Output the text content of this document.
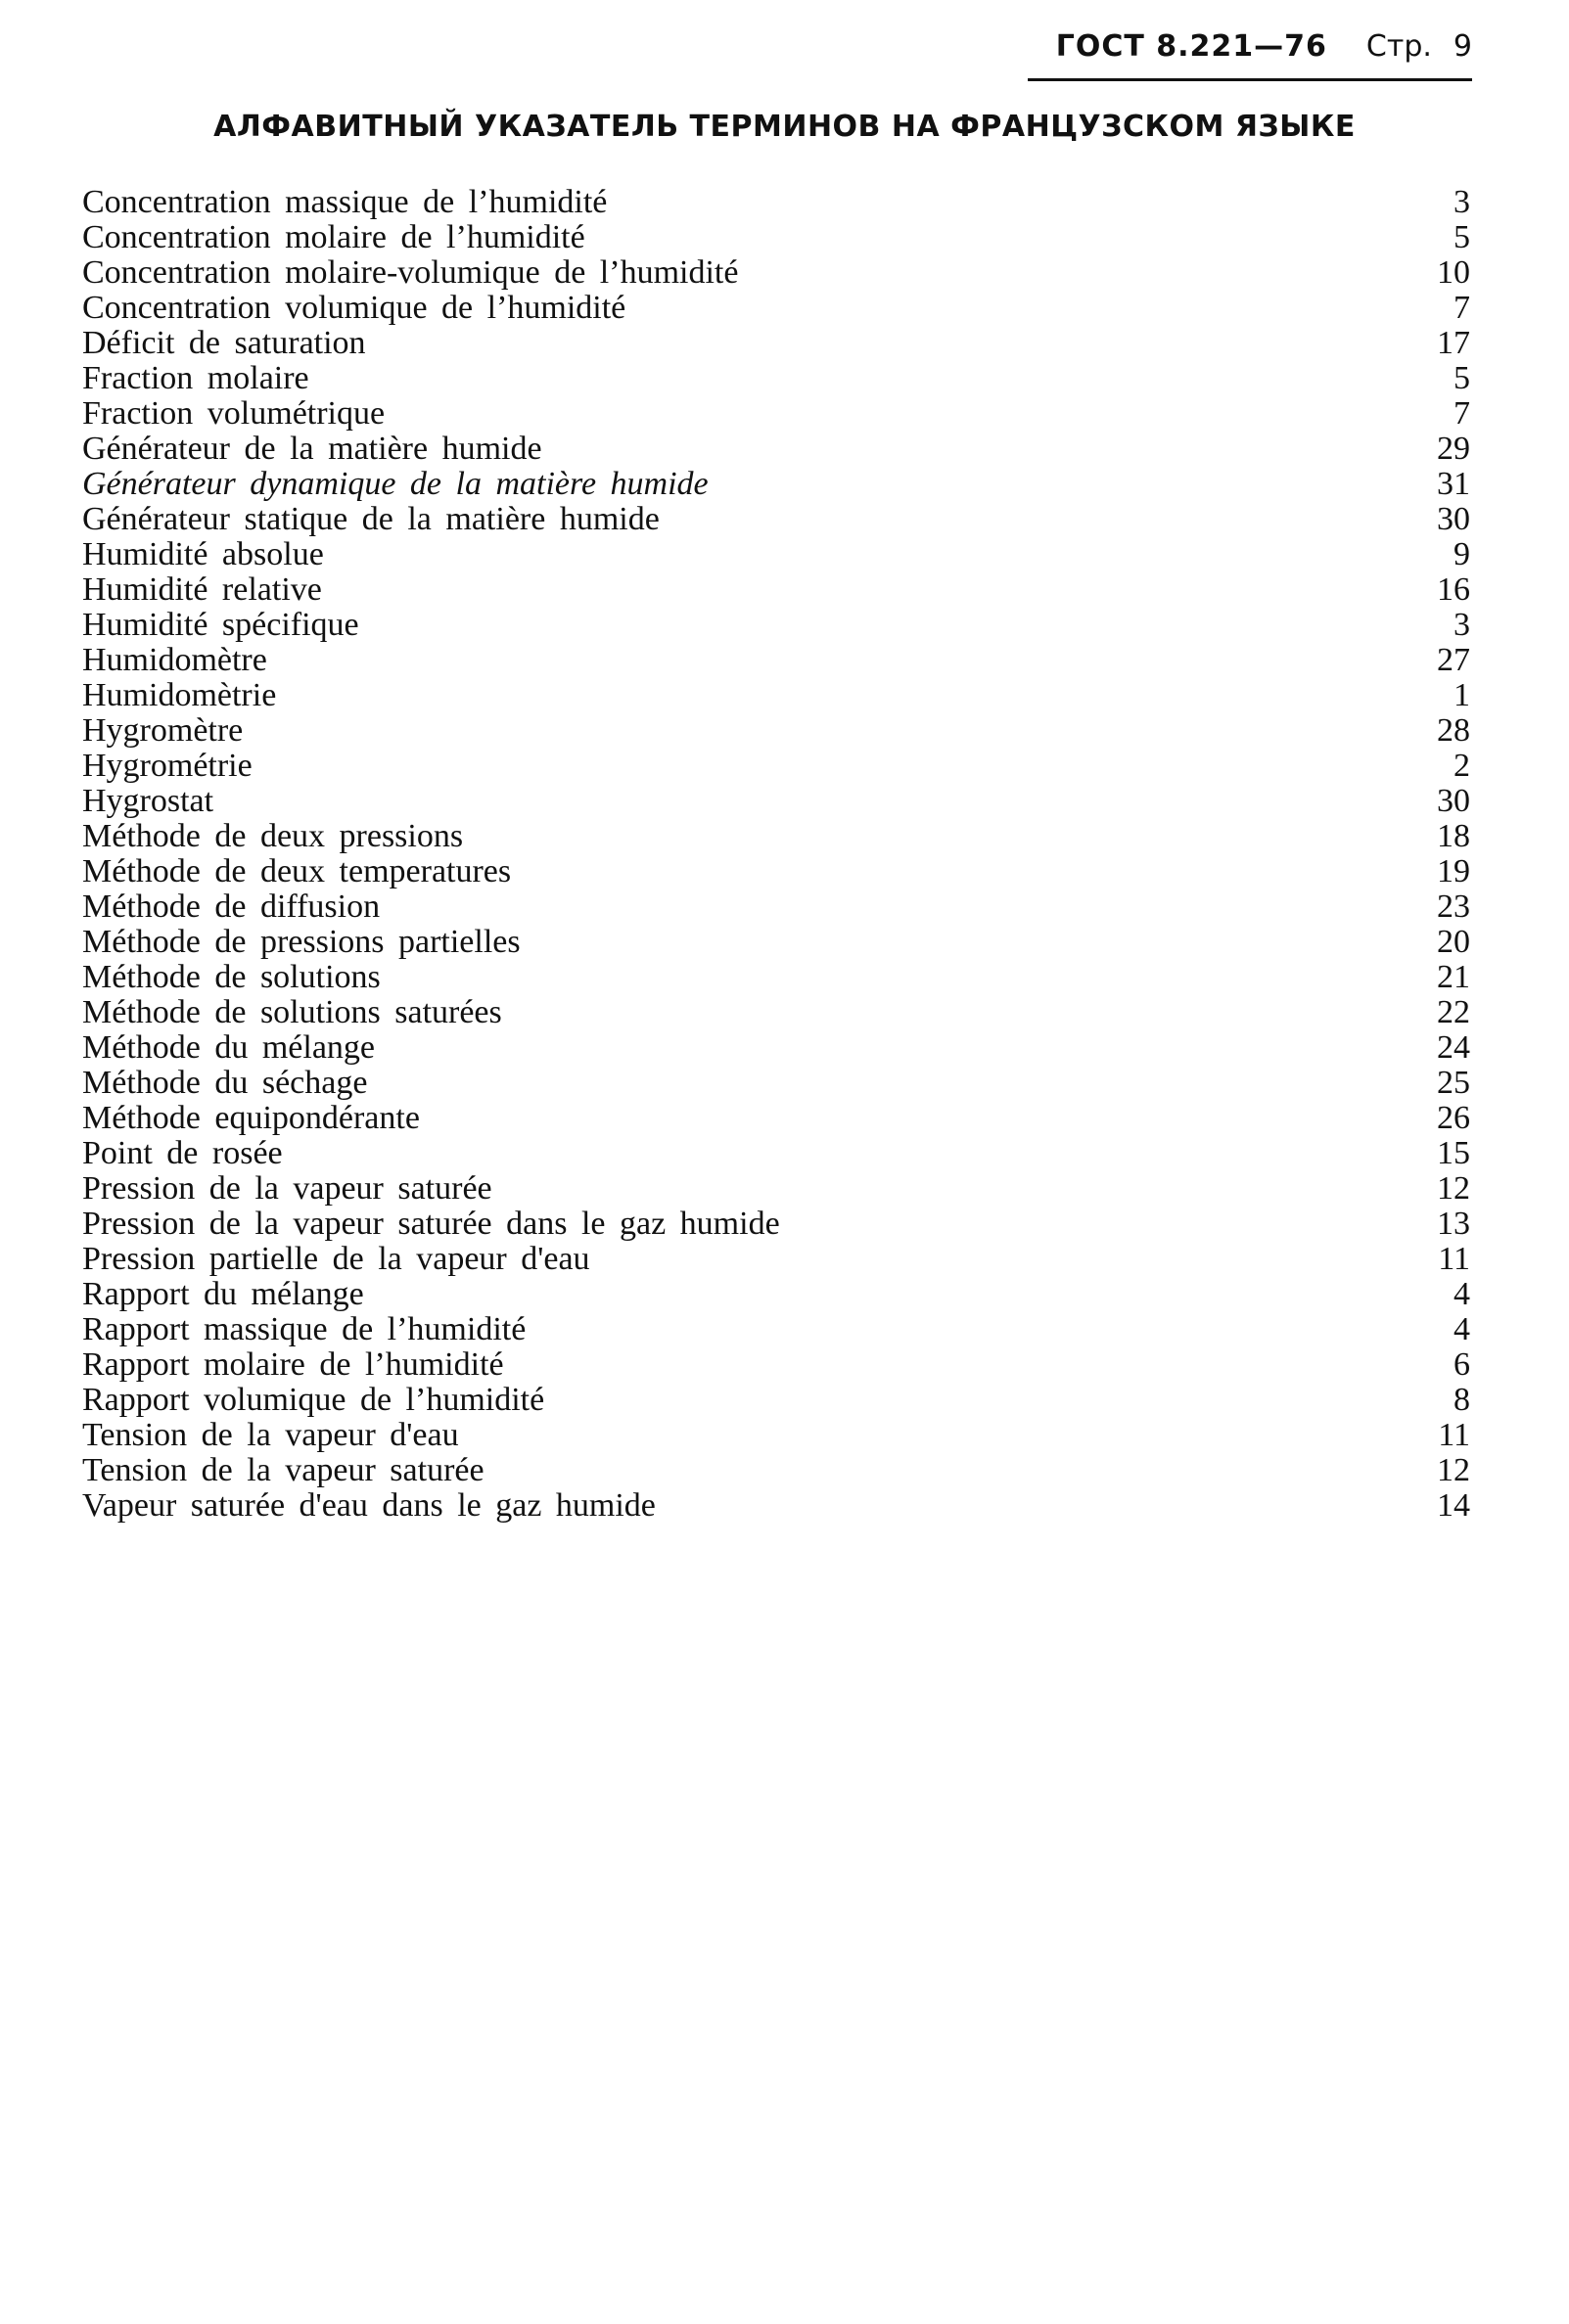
ГОСТ 8.221—76 Стр. 9
АЛФАВИТНЫЙ УКАЗАТЕЛЬ ТЕРМИНОВ НА ФРАНЦУЗСКОМ ЯЗЫКЕ
Concentration massique de l’humidité	3
Concentration molaire de l’humidité	5
Concentration molaire-volumique de l’humidité	10
Concentration volumique de l’humidité	7
Déficit de saturation	17
Fraction molaire	5
Fraction volumétrique	7
Générateur de la matière humide	29
Générateur dynamique de la matière humide	31
Générateur statique de la matière humide	30
Humidité absolue	9
Humidité relative	16
Humidité spécifique	3
Humidomètre	27
Humidomètrie	1
Hygromètre	28
Hygrométrie	2
Hygrostat	30
Méthode de deux pressions	18
Méthode de deux temperatures	19
Méthode de diffusion	23
Méthode de pressions partielles	20
Méthode de solutions	21
Méthode de solutions saturées	22
Méthode du mélange	24
Méthode du séchage	25
Méthode equipondérante	26
Point de rosée	15
Pression de la vapeur saturée	12
Pression de la vapeur saturée dans le gaz humide	13
Pression partielle de la vapeur d'eau	11
Rapport du mélange	4
Rapport massique de l’humidité	4
Rapport molaire de l’humidité	6
Rapport volumique de l’humidité	8
Tension de la vapeur d'eau	11
Tension de la vapeur saturée	12
Vapeur saturée d'eau dans le gaz humide	14
